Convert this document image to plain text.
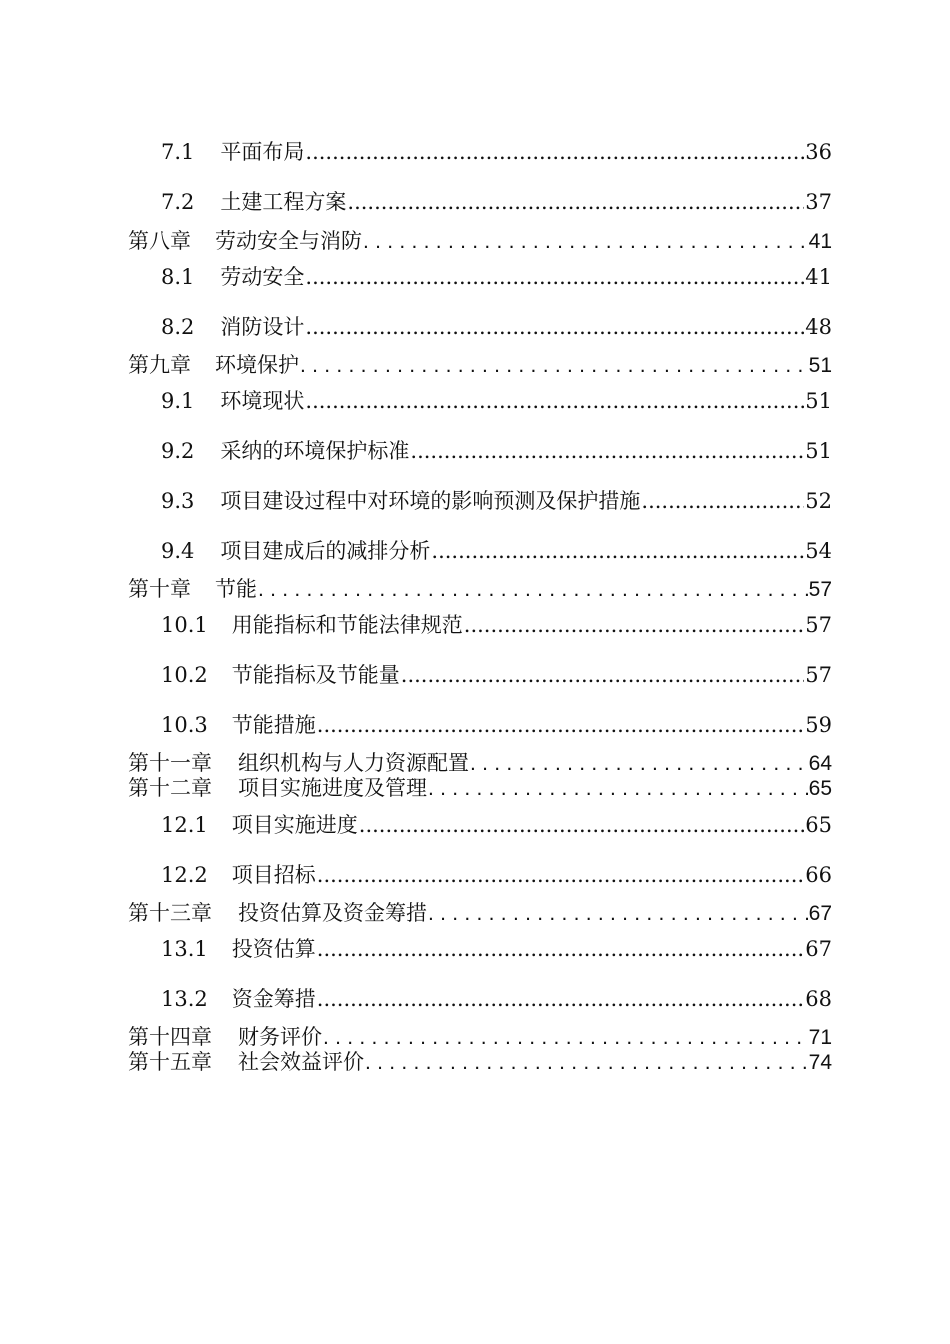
7.1 平面布局 .....	36
7.2 土建工程方案 .....	37
第八章 劳动安全与消防 .....	41
8.1 劳动安全 .....	41
8.2 消防设计 .....	48
第九章 环境保护 .....	51
9.1 环境现状 .....	51
9.2 采纳的环境保护标准 .....	51
9.3 项目建设过程中对环境的影响预测及保护措施 .....	52
9.4 项目建成后的减排分析 .....	54
第十章 节能 .....	57
10.1 用能指标和节能法律规范 .....	57
10.2 节能指标及节能量 .....	57
10.3 节能措施 .....	59
第十一章 组织机构与人力资源配置 .....	64
第十二章 项目实施进度及管理 .....	65
12.1 项目实施进度 .....	65
12.2 项目招标 .....	66
第十三章 投资估算及资金筹措 .....	67
13.1 投资估算 .....	67
13.2 资金筹措 .....	68
第十四章 财务评价 .....	71
第十五章 社会效益评价 .....	74
